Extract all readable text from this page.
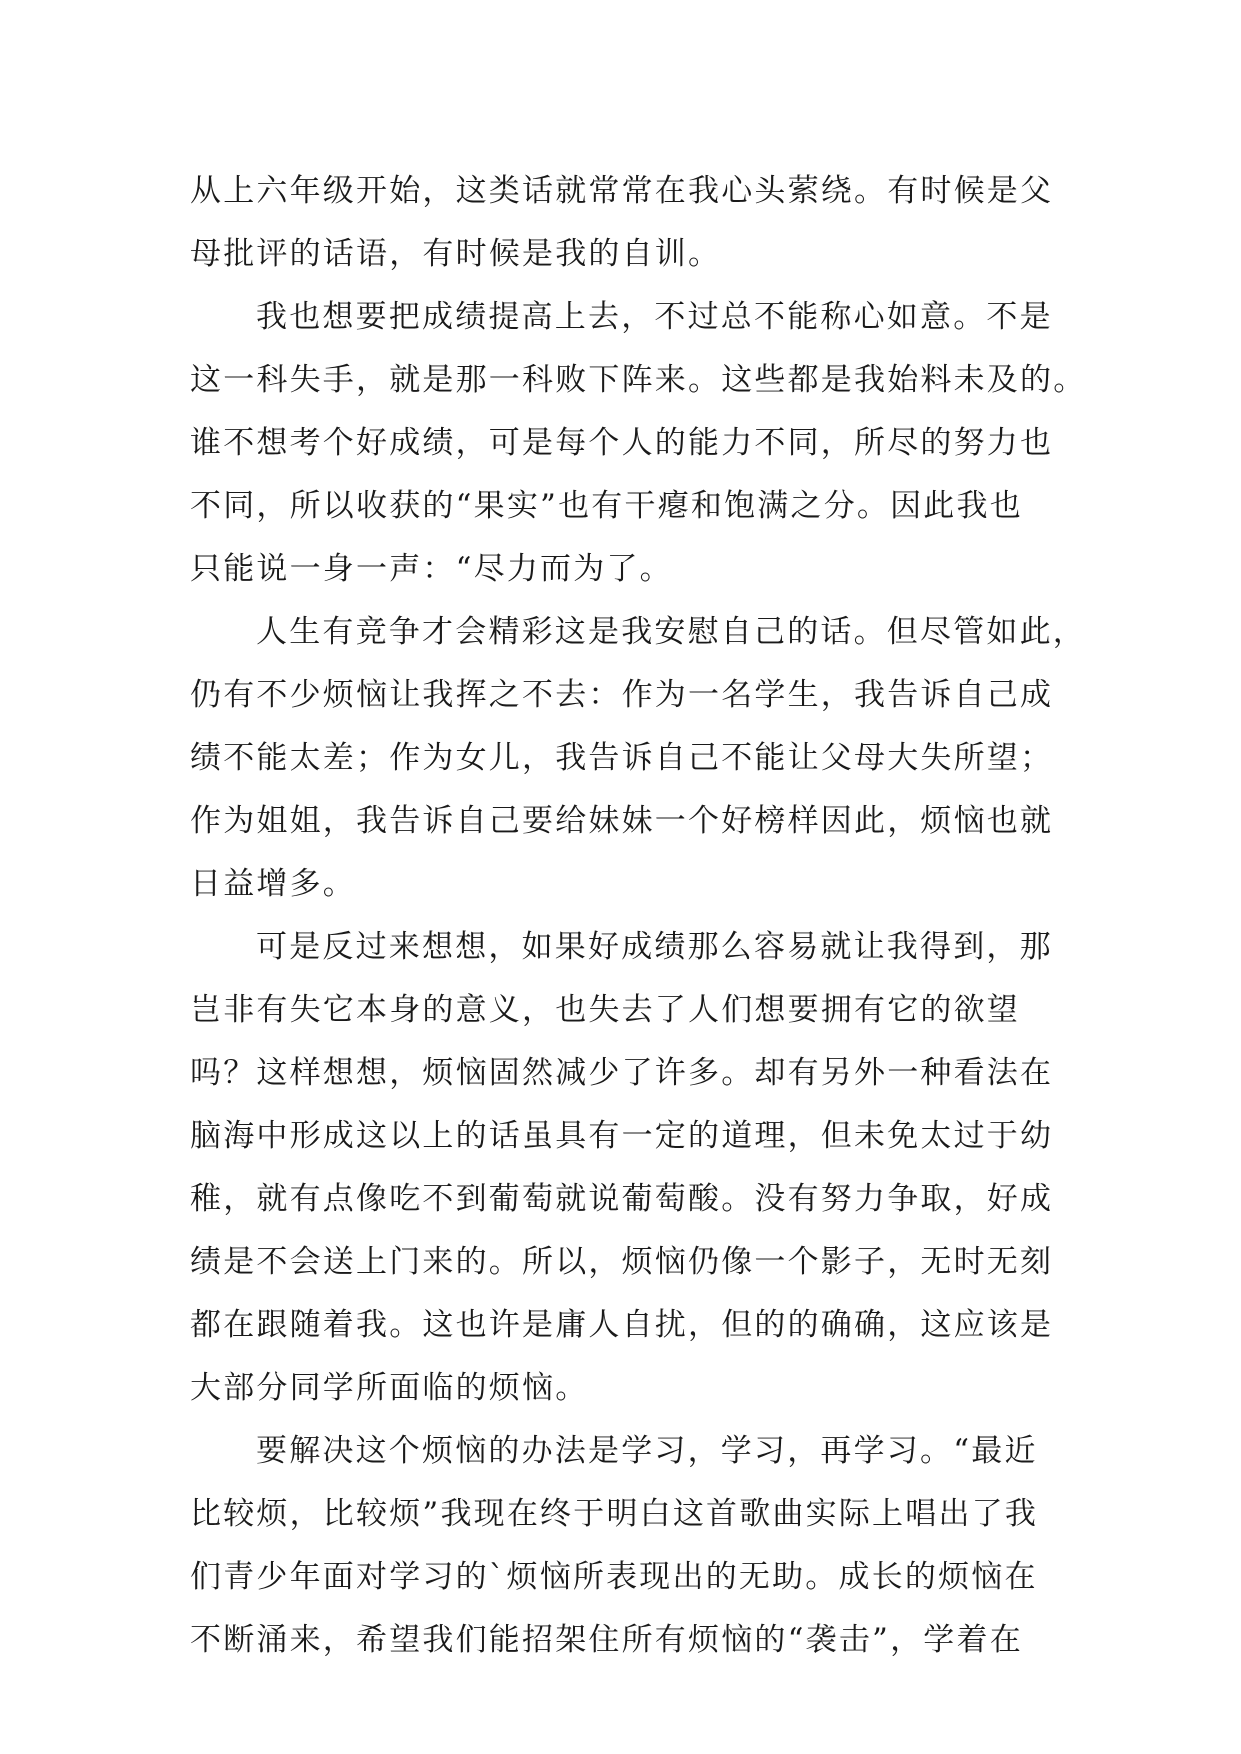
从上六年级开始，这类话就常常在我心头萦绕。有时候是父
母批评的话语，有时候是我的自训。
我也想要把成绩提高上去，不过总不能称心如意。不是
这一科失手，就是那一科败下阵来。这些都是我始料未及的。
谁不想考个好成绩，可是每个人的能力不同，所尽的努力也
不同，所以收获的“果实”也有干瘪和饱满之分。因此我也
只能说一身一声：“尽力而为了。
人生有竞争才会精彩这是我安慰自己的话。但尽管如此，
仍有不少烦恼让我挥之不去：作为一名学生，我告诉自己成
绩不能太差；作为女儿，我告诉自己不能让父母大失所望；
作为姐姐，我告诉自己要给妹妹一个好榜样因此，烦恼也就
日益增多。
可是反过来想想，如果好成绩那么容易就让我得到，那
岂非有失它本身的意义，也失去了人们想要拥有它的欲望
吗？这样想想，烦恼固然减少了许多。却有另外一种看法在
脑海中形成这以上的话虽具有一定的道理，但未免太过于幼
稚，就有点像吃不到葡萄就说葡萄酸。没有努力争取，好成
绩是不会送上门来的。所以，烦恼仍像一个影子，无时无刻
都在跟随着我。这也许是庸人自扰，但的的确确，这应该是
大部分同学所面临的烦恼。
要解决这个烦恼的办法是学习，学习，再学习。“最近
比较烦，比较烦”我现在终于明白这首歌曲实际上唱出了我
们青少年面对学习的`烦恼所表现出的无助。成长的烦恼在
不断涌来，希望我们能招架住所有烦恼的“袭击”，学着在
